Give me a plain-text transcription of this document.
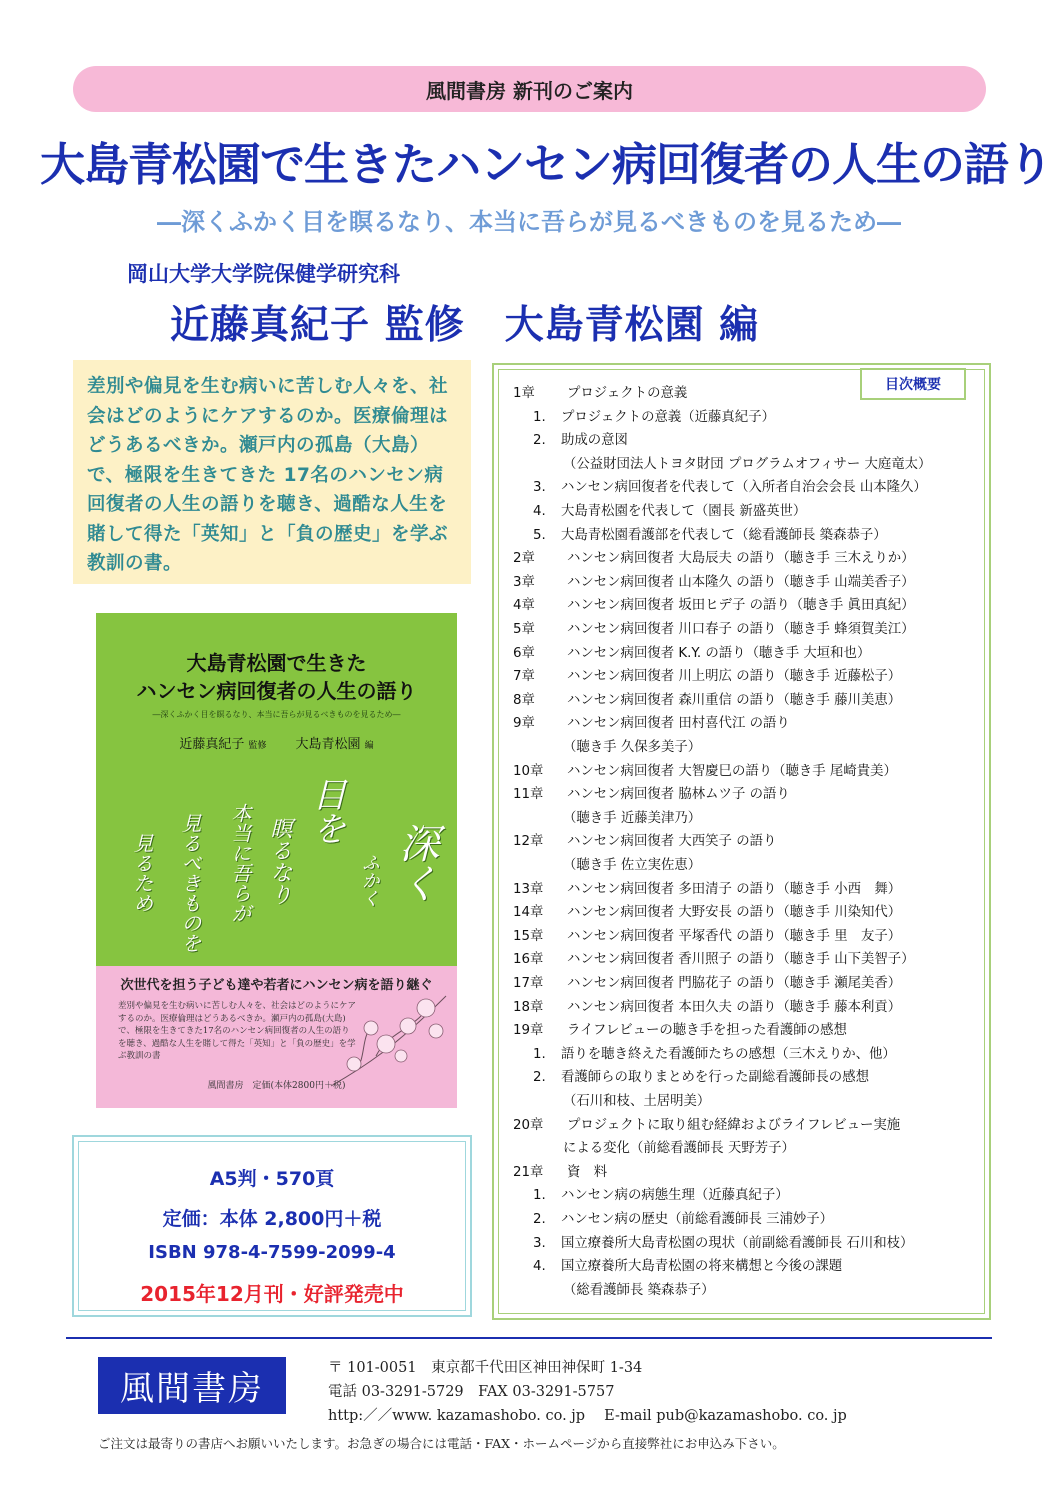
風間書房 新刊のご案内
大島青松園で生きたハンセン病回復者の人生の語り
―深くふかく目を瞑るなり、本当に吾らが見るべきものを見るため―
岡山大学大学院保健学研究科
近藤真紀子 監修　大島青松園 編

差別や偏見を生む病いに苦しむ人々を、社会はどのようにケアするのか。医療倫理はどうあるべきか。瀬戸内の孤島（大島）で、極限を生きてきた 17名のハンセン病回復者の人生の語りを聴き、過酷な人生を賭して得た「英知」と「負の歴史」を学ぶ教訓の書。

大島青松園で生きた
ハンセン病回復者の人生の語り
―深くふかく目を瞑るなり、本当に吾らが見るべきものを見るため―
近藤真紀子 監修 大島青松園 編
深く
ふかく
目を
瞑るなり
本当に吾らが
見るべきものを
見るため
次世代を担う子ども達や若者にハンセン病を語り継ぐ
差別や偏見を生む病いに苦しむ人々を、社会はどのようにケアするのか。医療倫理はどうあるべきか。瀬戸内の孤島(大島)で、極限を生きてきた17名のハンセン病回復者の人生の語りを聴き、過酷な人生を賭して得た「英知」と「負の歴史」を学ぶ教訓の書
風間書房　定価(本体2800円＋税)
A5判・570頁
定価：本体 2,800円＋税
ISBN 978-4-7599-2099-4
2015年12月刊・好評発売中
目次概要
1章 プロジェクトの意義
1. プロジェクトの意義（近藤真紀子）
2. 助成の意図
（公益財団法人トヨタ財団 プログラムオフィサー 大庭竜太）
3. ハンセン病回復者を代表して（入所者自治会会長 山本隆久）
4. 大島青松園を代表して（園長 新盛英世）
5. 大島青松園看護部を代表して（総看護師長 築森恭子）
2章 ハンセン病回復者 大島辰夫 の語り（聴き手 三木えりか）
3章 ハンセン病回復者 山本隆久 の語り（聴き手 山端美香子）
4章 ハンセン病回復者 坂田ヒデ子 の語り（聴き手 眞田真紀）
5章 ハンセン病回復者 川口春子 の語り（聴き手 蜂須賀美江）
6章 ハンセン病回復者 K.Y. の語り（聴き手 大垣和也）
7章 ハンセン病回復者 川上明広 の語り（聴き手 近藤松子）
8章 ハンセン病回復者 森川重信 の語り（聴き手 藤川美恵）
9章 ハンセン病回復者 田村喜代江 の語り
（聴き手 久保多美子）
10章 ハンセン病回復者 大智慶巳の語り（聴き手 尾崎貴美）
11章 ハンセン病回復者 脇林ムツ子 の語り
（聴き手 近藤美津乃）
12章 ハンセン病回復者 大西笑子 の語り
（聴き手 佐立実佐恵）
13章 ハンセン病回復者 多田清子 の語り（聴き手 小西　舞）
14章 ハンセン病回復者 大野安長 の語り（聴き手 川染知代）
15章 ハンセン病回復者 平塚香代 の語り（聴き手 里　友子）
16章 ハンセン病回復者 香川照子 の語り（聴き手 山下美智子）
17章 ハンセン病回復者 門脇花子 の語り（聴き手 瀬尾美香）
18章 ハンセン病回復者 本田久夫 の語り（聴き手 藤本利貢）
19章 ライフレビューの聴き手を担った看護師の感想
1. 語りを聴き終えた看護師たちの感想（三木えりか、他）
2. 看護師らの取りまとめを行った副総看護師長の感想
（石川和枝、土居明美）
20章 プロジェクトに取り組む経緯およびライフレビュー実施
による変化（前総看護師長 天野芳子）
21章 資　料
1. ハンセン病の病態生理（近藤真紀子）
2. ハンセン病の歴史（前総看護師長 三浦妙子）
3. 国立療養所大島青松園の現状（前副総看護師長 石川和枝）
4. 国立療養所大島青松園の将来構想と今後の課題
（総看護師長 築森恭子）
風間書房
〒 101-0051　東京都千代田区神田神保町 1-34
電話 03-3291-5729　FAX 03-3291-5757
http:／／www. kazamashobo. co. jp　 E-mail pub@kazamashobo. co. jp
ご注文は最寄りの書店へお願いいたします。お急ぎの場合には電話・FAX・ホームページから直接弊社にお申込み下さい。
